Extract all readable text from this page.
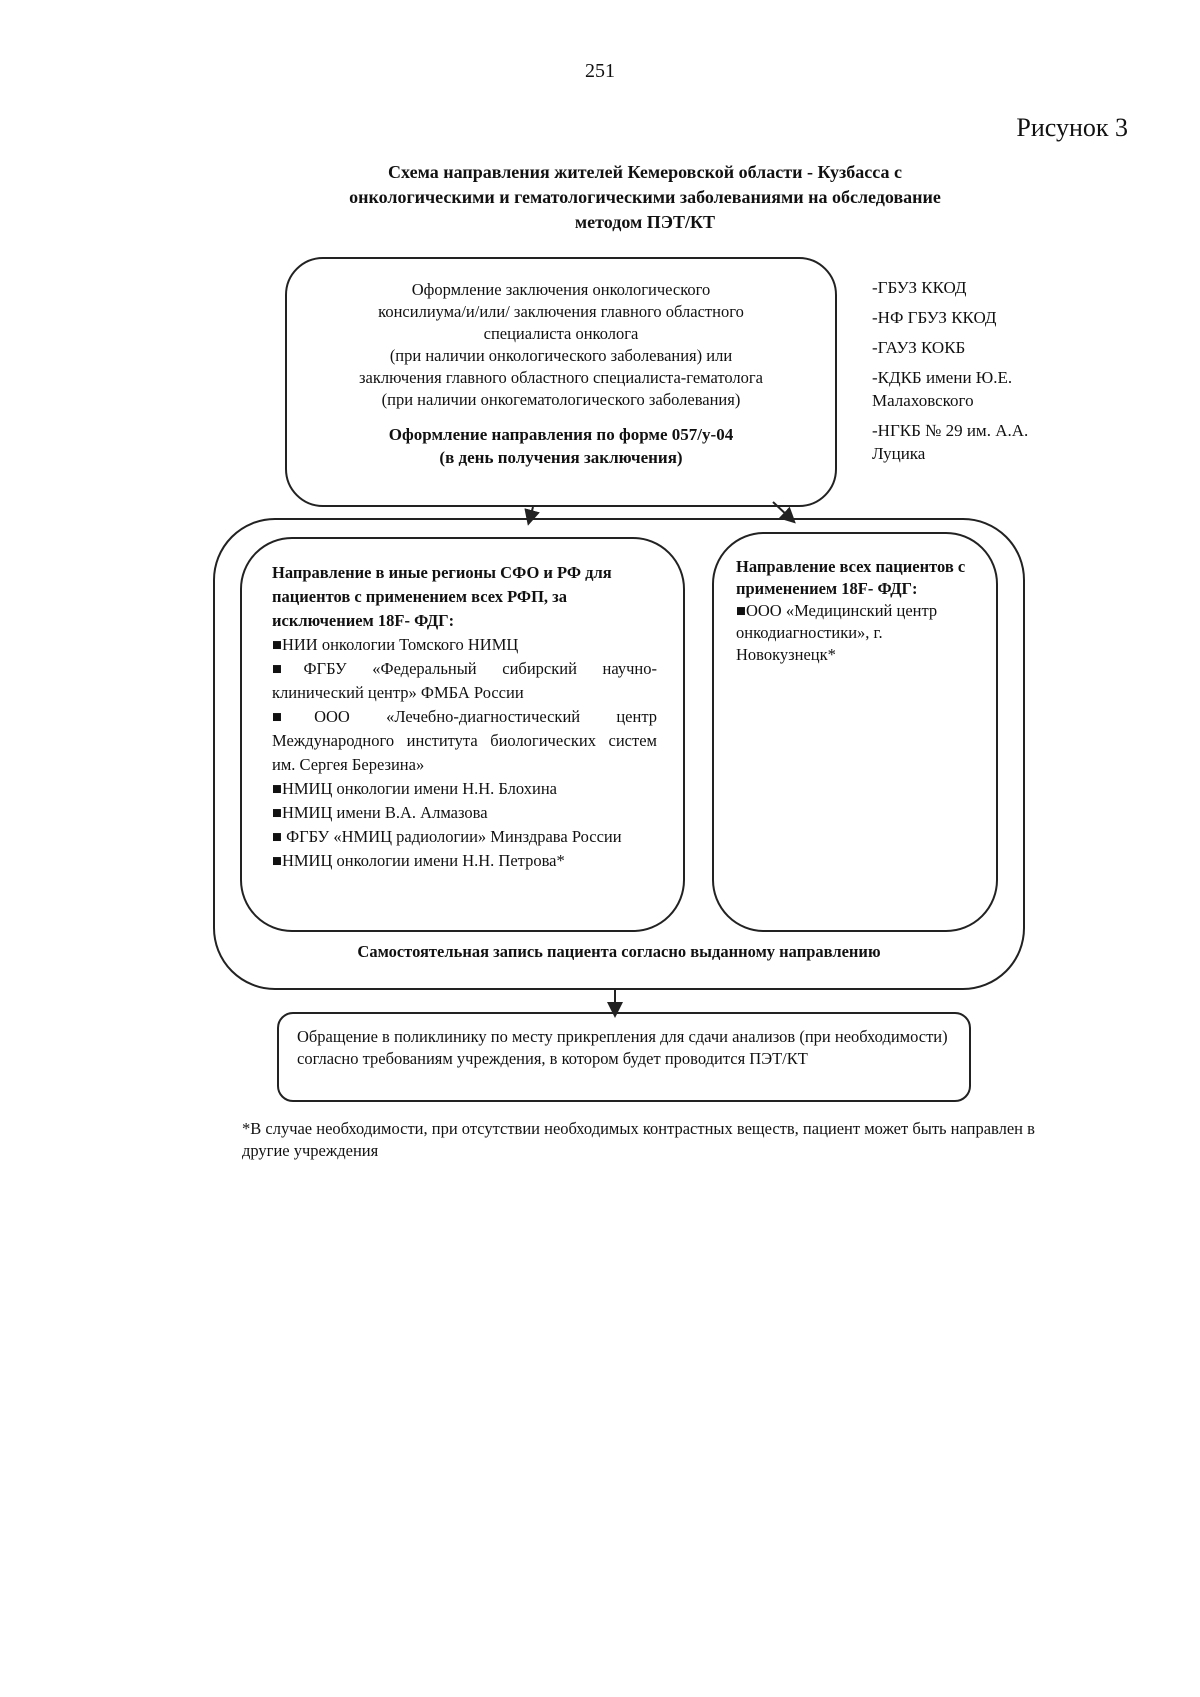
251
Рисунок 3
Схема направления жителей Кемеровской области - Кузбасса с
онкологическими и гематологическими заболеваниями на обследование
методом ПЭТ/КТ
Оформление заключения онкологического
консилиума/и/или/ заключения главного областного
специалиста онколога
(при наличии онкологического заболевания) или
заключения главного областного специалиста-гематолога
(при наличии онкогематологического заболевания)
Оформление направления по форме 057/у-04
(в день получения заключения)
-ГБУЗ ККОД
-НФ ГБУЗ ККОД
-ГАУЗ КОКБ
-КДКБ имени Ю.Е. Малаховского
-НГКБ № 29 им. А.А. Луцика
Направление в иные регионы СФО и РФ для пациентов с применением всех РФП, за исключением 18F- ФДГ:
■НИИ онкологии Томского НИМЦ
■ФГБУ «Федеральный сибирский научно-клинический центр» ФМБА России
■ООО «Лечебно-диагностический центр Международного института биологических систем им. Сергея Березина»
■НМИЦ онкологии имени Н.Н. Блохина
■НМИЦ имени В.А. Алмазова
■ ФГБУ «НМИЦ радиологии» Минздрава России
■НМИЦ онкологии имени Н.Н. Петрова*
Направление всех пациентов с применением 18F- ФДГ:
■ООО «Медицинский центр онкодиагностики», г. Новокузнецк*
Самостоятельная запись пациента согласно выданному направлению
Обращение в поликлинику по месту прикрепления для сдачи анализов (при необходимости) согласно требованиям учреждения, в котором будет проводится ПЭТ/КТ
*В случае необходимости, при отсутствии необходимых контрастных веществ, пациент может быть направлен в другие учреждения
